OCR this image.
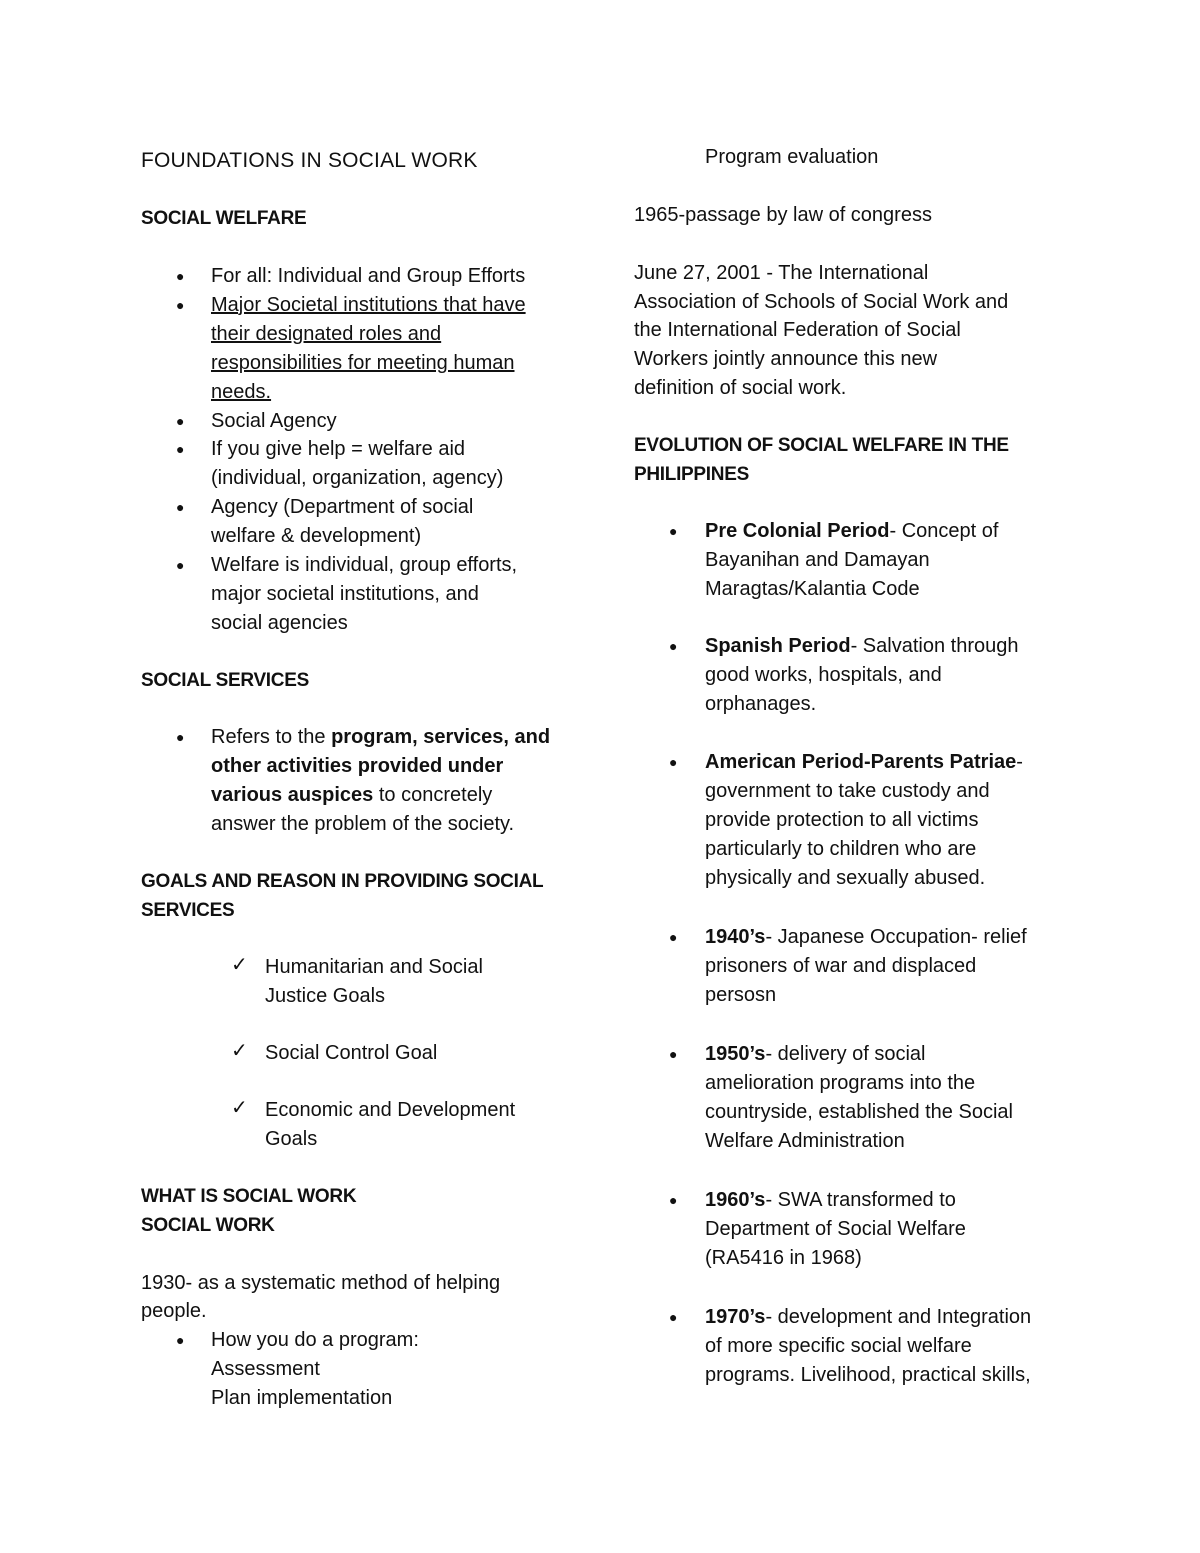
FOUNDATIONS IN SOCIAL WORK
SOCIAL WELFARE
● For all: Individual and Group Efforts
● Major Societal institutions that have
their designated roles and
responsibilities for meeting human
needs.
● Social Agency
● If you give help = welfare aid
(individual, organization, agency)
● Agency (Department of social
welfare & development)
● Welfare is individual, group efforts,
major societal institutions, and
social agencies
SOCIAL SERVICES
● Refers to the program, services, and
other activities provided under
various auspices to concretely
answer the problem of the society.
GOALS AND REASON IN PROVIDING SOCIAL
SERVICES
✓ Humanitarian and Social
Justice Goals
✓ Social Control Goal
✓ Economic and Development
Goals
WHAT IS SOCIAL WORK
SOCIAL WORK
1930- as a systematic method of helping
people.
● How you do a program:
Assessment
Plan implementation
Program evaluation
1965-passage by law of congress
June 27, 2001 - The International
Association of Schools of Social Work and
the International Federation of Social
Workers jointly announce this new
definition of social work.
EVOLUTION OF SOCIAL WELFARE IN THE
PHILIPPINES
● Pre Colonial Period- Concept of
Bayanihan and Damayan
Maragtas/Kalantia Code
● Spanish Period- Salvation through
good works, hospitals, and
orphanages.
● American Period-Parents Patriae-
government to take custody and
provide protection to all victims
particularly to children who are
physically and sexually abused.
● 1940’s- Japanese Occupation- relief
prisoners of war and displaced
persosn
● 1950’s- delivery of social
amelioration programs into the
countryside, established the Social
Welfare Administration
● 1960’s- SWA transformed to
Department of Social Welfare
(RA5416 in 1968)
● 1970’s- development and Integration
of more specific social welfare
programs. Livelihood, practical skills,
